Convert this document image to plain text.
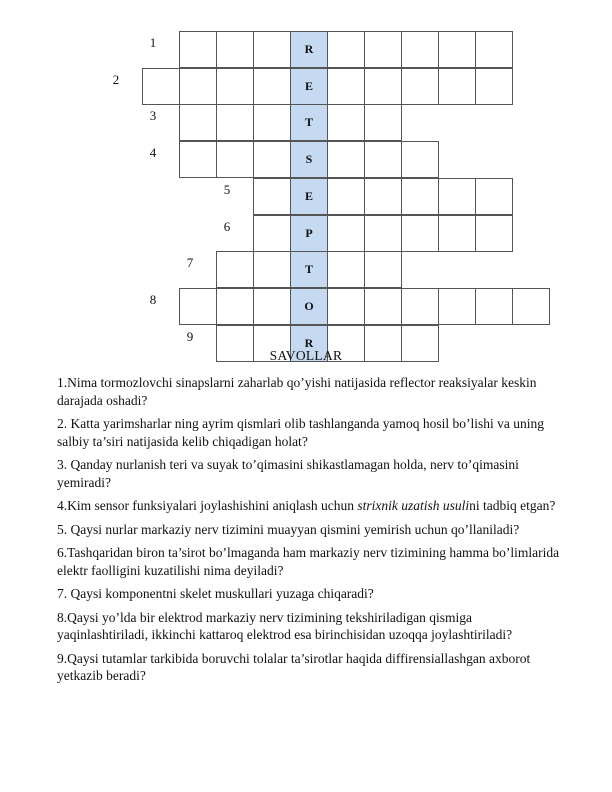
1	R
2	E
3	T
4	S
5	E
6	P
7	T
8	O
9	R
SAVOLLAR

1.Nima tormozlovchi sinapslarni zaharlab qo’yishi natijasida reflector reaksiyalar keskin darajada oshadi?

2. Katta yarimsharlar ning ayrim qismlari olib tashlanganda yamoq hosil bo’lishi va uning salbiy ta’siri natijasida kelib chiqadigan holat?

3. Qanday nurlanish teri va suyak to’qimasini shikastlamagan holda, nerv to’qimasini yemiradi?

4.Kim sensor funksiyalari joylashishini aniqlash uchun strixnik uzatish usulini tadbiq etgan?

5. Qaysi nurlar markaziy nerv tizimini muayyan qismini yemirish uchun qo’llaniladi?

6.Tashqaridan biron ta’sirot bo’lmaganda ham markaziy nerv tizimining hamma bo’limlarida elektr faolligini kuzatilishi nima deyiladi?

7. Qaysi komponentni skelet muskullari yuzaga chiqaradi?

8.Qaysi yo’lda bir elektrod markaziy nerv tizimining tekshiriladigan qismiga yaqinlashtiriladi, ikkinchi kattaroq elektrod esa birinchisidan uzoqqa joylashtiriladi?

9.Qaysi tutamlar tarkibida boruvchi tolalar ta’sirotlar haqida diffirensiallashgan axborot yetkazib beradi?
